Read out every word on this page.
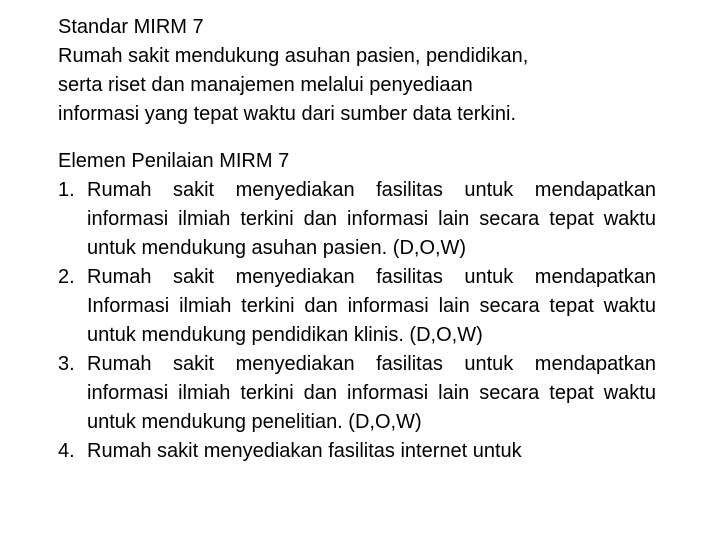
Standar MIRM 7
Rumah sakit mendukung asuhan pasien, pendidikan,
serta riset dan manajemen melalui penyediaan
informasi yang tepat waktu dari sumber data terkini.
Elemen Penilaian MIRM 7
1. Rumah sakit menyediakan fasilitas untuk mendapatkan informasi ilmiah terkini dan informasi lain secara tepat waktu untuk mendukung asuhan pasien. (D,O,W)
2. Rumah sakit menyediakan fasilitas untuk mendapatkan Informasi ilmiah terkini dan informasi lain secara tepat waktu untuk mendukung pendidikan klinis. (D,O,W)
3. Rumah sakit menyediakan fasilitas untuk mendapatkan informasi ilmiah terkini dan informasi lain secara tepat waktu untuk mendukung penelitian. (D,O,W)
4. Rumah sakit menyediakan fasilitas internet untuk
